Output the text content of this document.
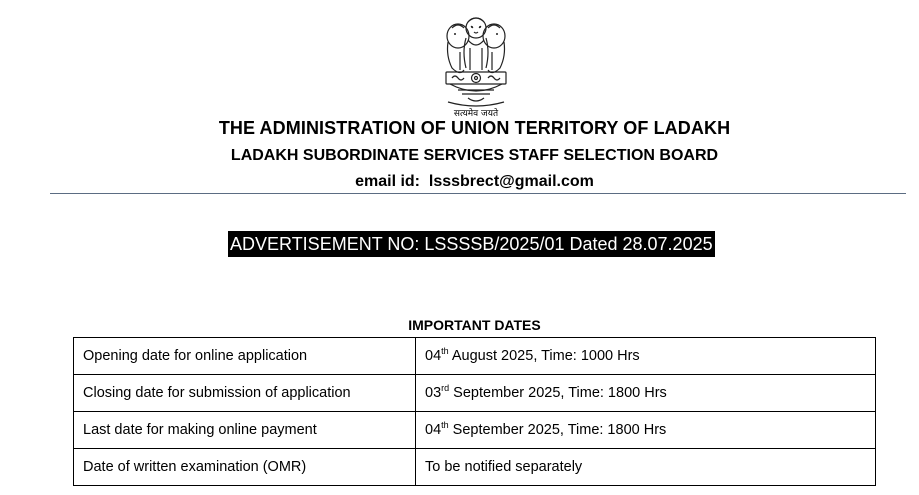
सत्यमेव जयते
THE ADMINISTRATION OF UNION TERRITORY OF LADAKH
LADAKH SUBORDINATE SERVICES STAFF SELECTION BOARD
email id: lsssbrect@gmail.com
ADVERTISEMENT NO: LSSSSB/2025/01 Dated 28.07.2025
IMPORTANT DATES
Opening date for online application	04th August 2025, Time: 1000 Hrs
Closing date for submission of application	03rd September 2025, Time: 1800 Hrs
Last date for making online payment	04th September 2025, Time: 1800 Hrs
Date of written examination (OMR)	To be notified separately
